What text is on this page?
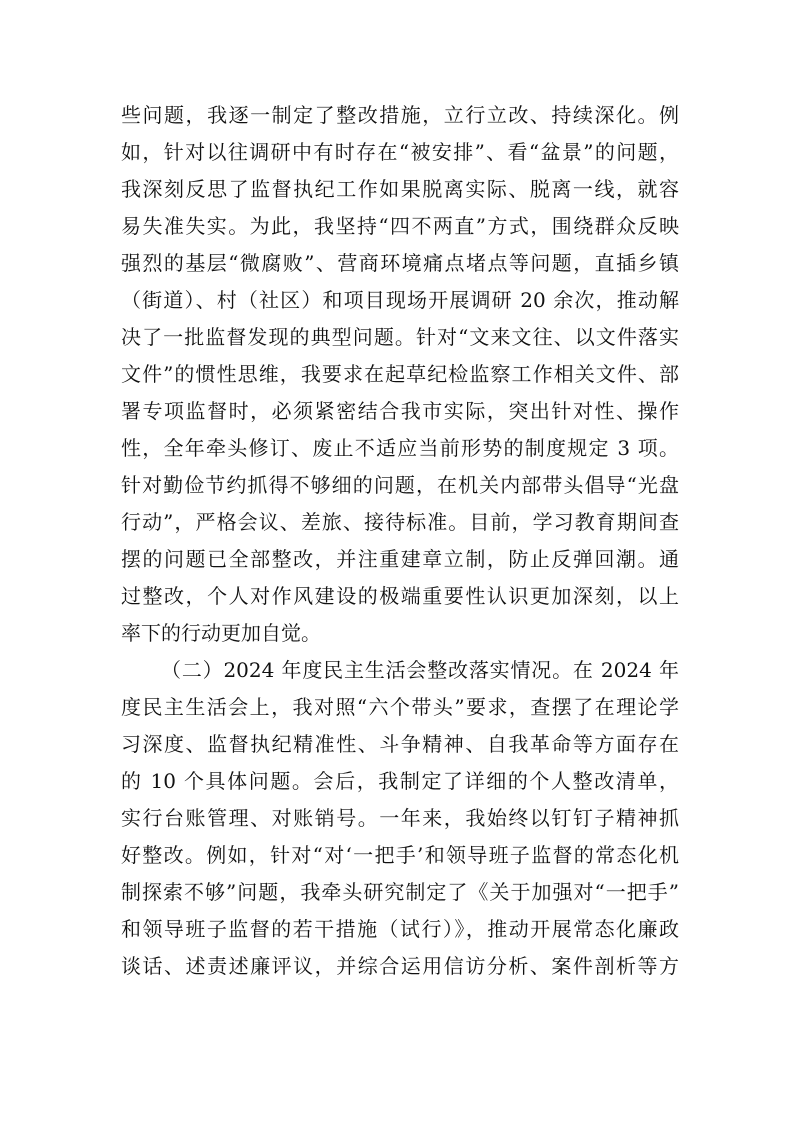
些问题，我逐一制定了整改措施，立行立改、持续深化。例
如，针对以往调研中有时存在“被安排”、看“盆景”的问题，
我深刻反思了监督执纪工作如果脱离实际、脱离一线，就容
易失准失实。为此，我坚持“四不两直”方式，围绕群众反映
强烈的基层“微腐败”、营商环境痛点堵点等问题，直插乡镇
（街道）、村（社区）和项目现场开展调研 20 余次，推动解
决了一批监督发现的典型问题。针对“文来文往、以文件落实
文件”的惯性思维，我要求在起草纪检监察工作相关文件、部
署专项监督时，必须紧密结合我市实际，突出针对性、操作
性，全年牵头修订、废止不适应当前形势的制度规定 3 项。
针对勤俭节约抓得不够细的问题，在机关内部带头倡导“光盘
行动”，严格会议、差旅、接待标准。目前，学习教育期间查
摆的问题已全部整改，并注重建章立制，防止反弹回潮。通
过整改，个人对作风建设的极端重要性认识更加深刻，以上
率下的行动更加自觉。
（二）2024 年度民主生活会整改落实情况。在 2024 年
度民主生活会上，我对照“六个带头”要求，查摆了在理论学
习深度、监督执纪精准性、斗争精神、自我革命等方面存在
的 10 个具体问题。会后，我制定了详细的个人整改清单，
实行台账管理、对账销号。一年来，我始终以钉钉子精神抓
好整改。例如，针对“对‘一把手’和领导班子监督的常态化机
制探索不够”问题，我牵头研究制定了《关于加强对“一把手”
和领导班子监督的若干措施（试行）》，推动开展常态化廉政
谈话、述责述廉评议，并综合运用信访分析、案件剖析等方
